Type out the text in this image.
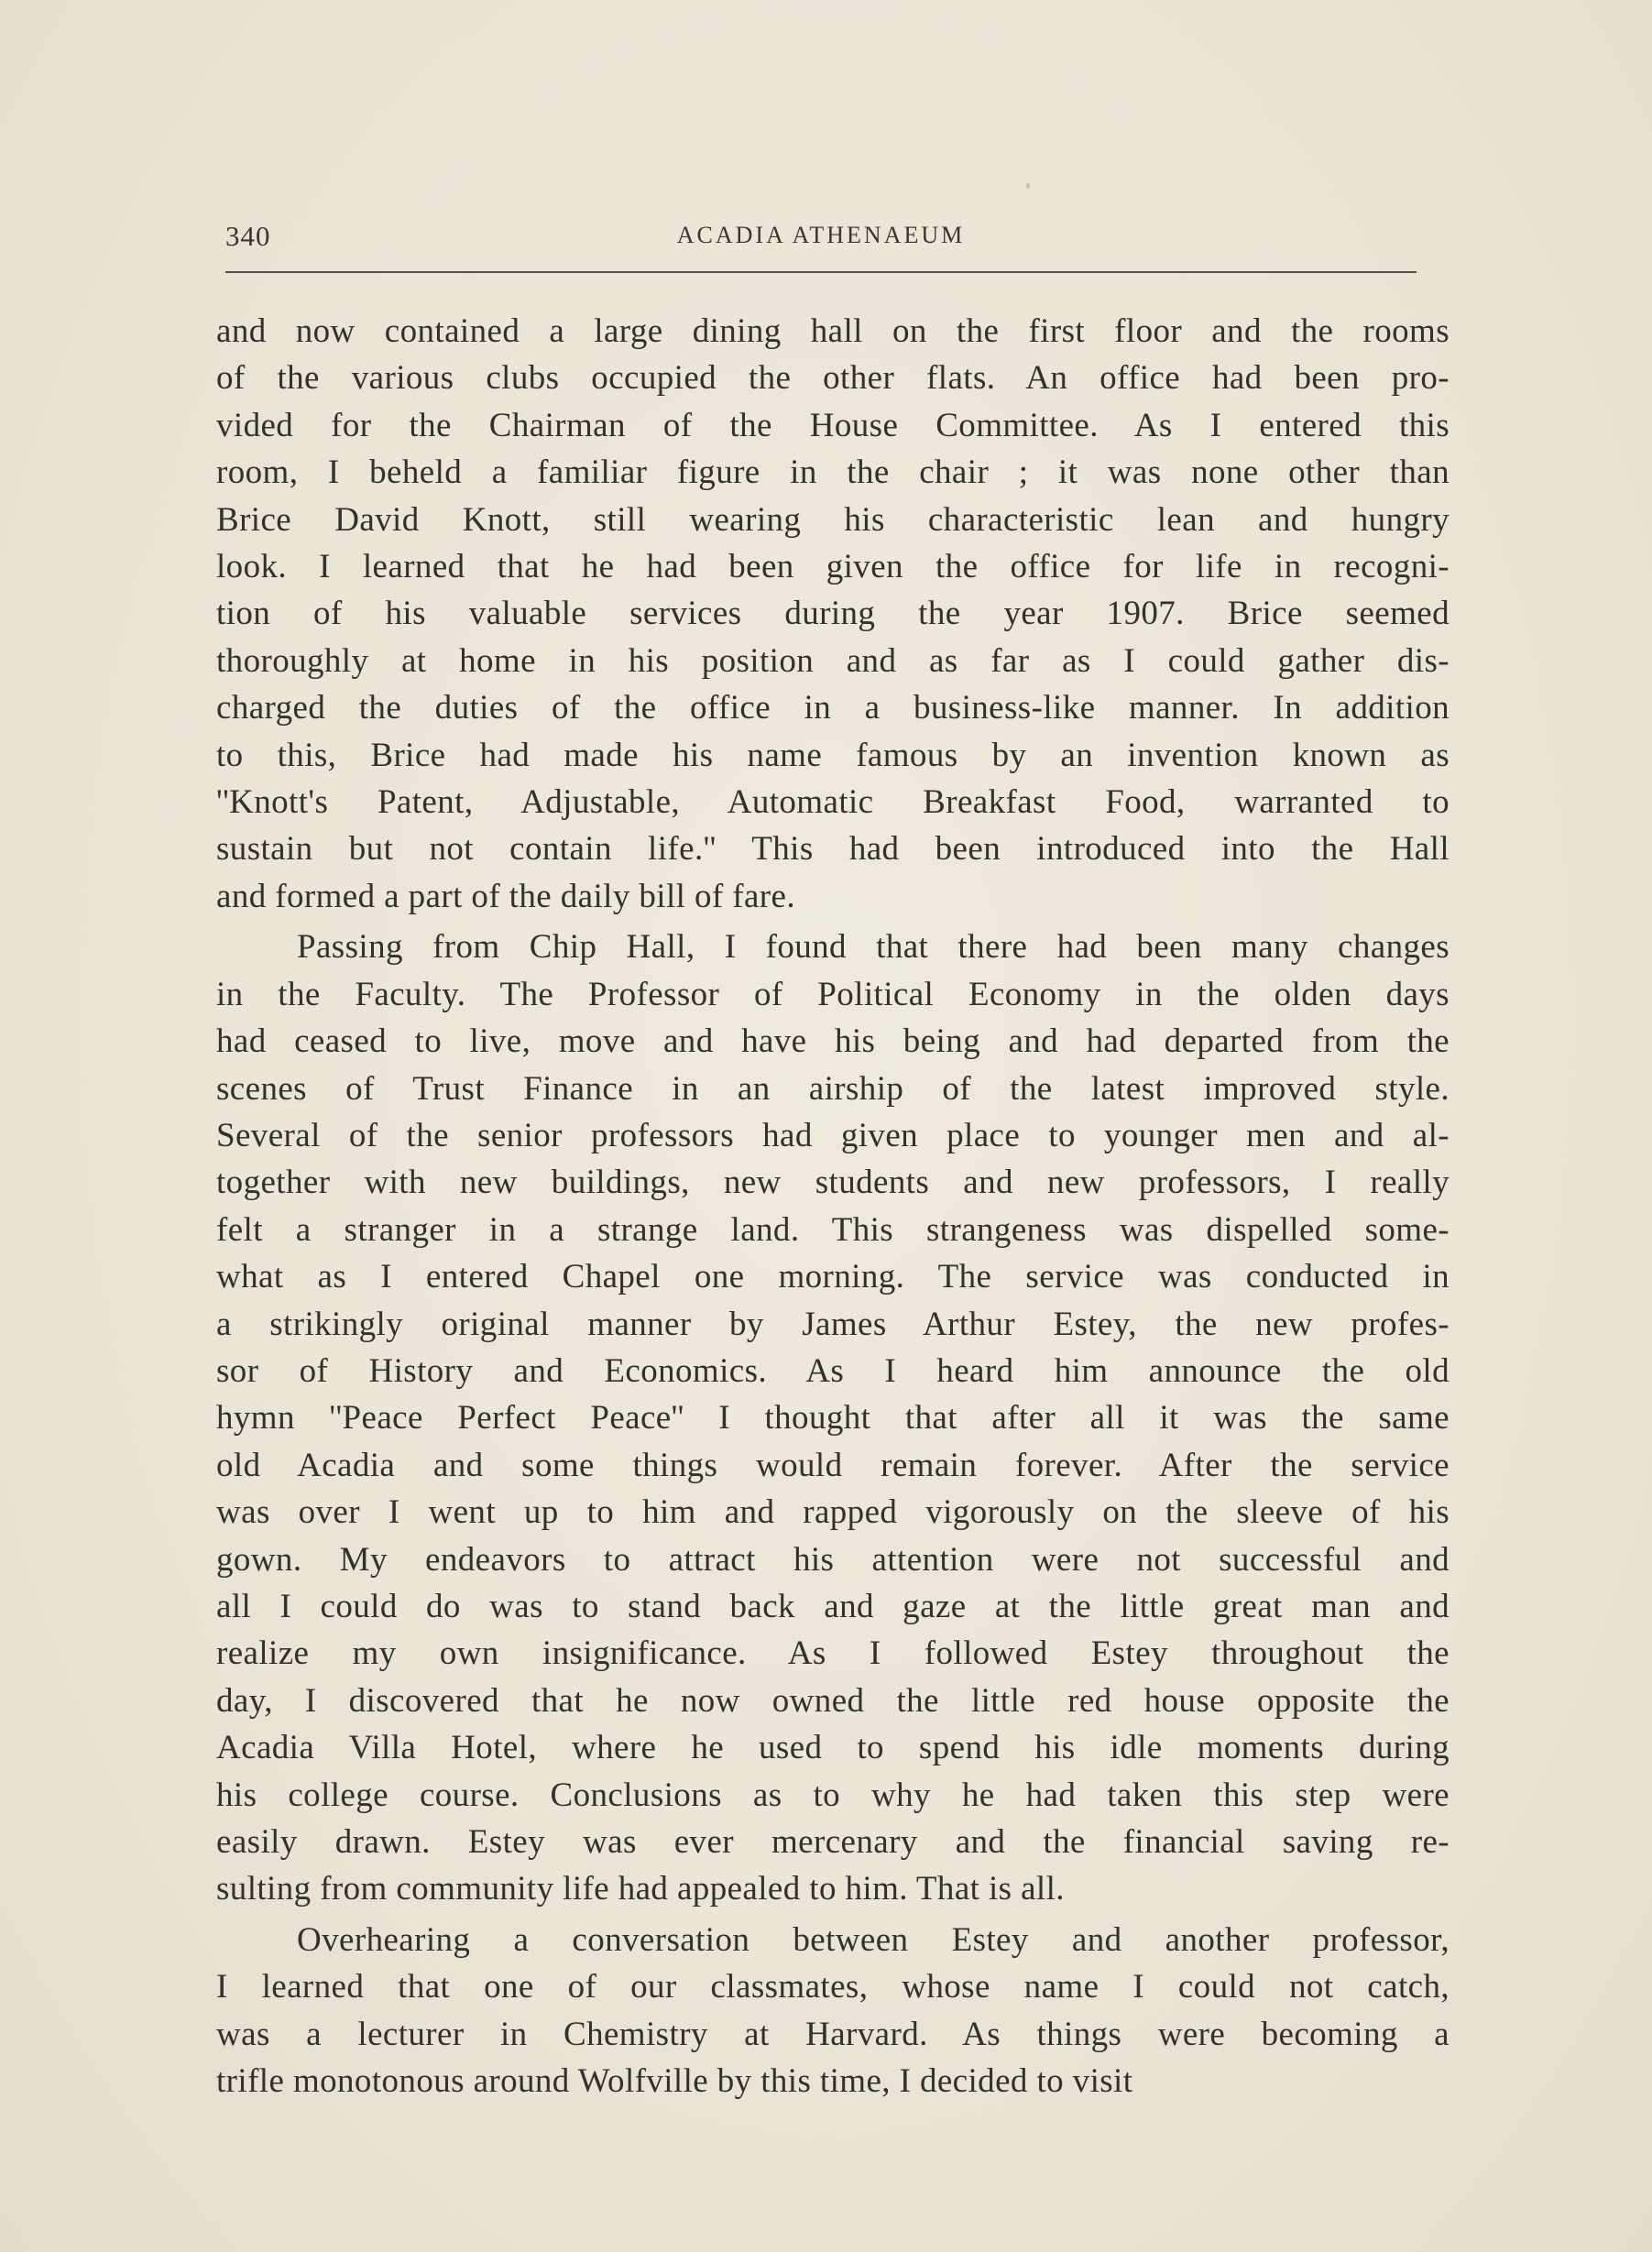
340	ACADIA ATHENAEUM
and now contained a large dining hall on the first floor and the rooms
of the various clubs occupied the other flats. An office had been pro-
vided for the Chairman of the House Committee. As I entered this
room, I beheld a familiar figure in the chair ; it was none other than
Brice David Knott, still wearing his characteristic lean and hungry
look. I learned that he had been given the office for life in recogni-
tion of his valuable services during the year 1907. Brice seemed
thoroughly at home in his position and as far as I could gather dis-
charged the duties of the office in a business-like manner. In addition
to this, Brice had made his name famous by an invention known as
''Knott's Patent, Adjustable, Automatic Breakfast Food, warranted to
sustain but not contain life.'' This had been introduced into the Hall
and formed a part of the daily bill of fare.
Passing from Chip Hall, I found that there had been many changes
in the Faculty. The Professor of Political Economy in the olden days
had ceased to live, move and have his being and had departed from the
scenes of Trust Finance in an airship of the latest improved style.
Several of the senior professors had given place to younger men and al-
together with new buildings, new students and new professors, I really
felt a stranger in a strange land. This strangeness was dispelled some-
what as I entered Chapel one morning. The service was conducted in
a strikingly original manner by James Arthur Estey, the new profes-
sor of History and Economics. As I heard him announce the old
hymn ''Peace Perfect Peace'' I thought that after all it was the same
old Acadia and some things would remain forever. After the service
was over I went up to him and rapped vigorously on the sleeve of his
gown. My endeavors to attract his attention were not successful and
all I could do was to stand back and gaze at the little great man and
realize my own insignificance. As I followed Estey throughout the
day, I discovered that he now owned the little red house opposite the
Acadia Villa Hotel, where he used to spend his idle moments during
his college course. Conclusions as to why he had taken this step were
easily drawn. Estey was ever mercenary and the financial saving re-
sulting from community life had appealed to him. That is all.
Overhearing a conversation between Estey and another professor,
I learned that one of our classmates, whose name I could not catch,
was a lecturer in Chemistry at Harvard. As things were becoming a
trifle monotonous around Wolfville by this time, I decided to visit
